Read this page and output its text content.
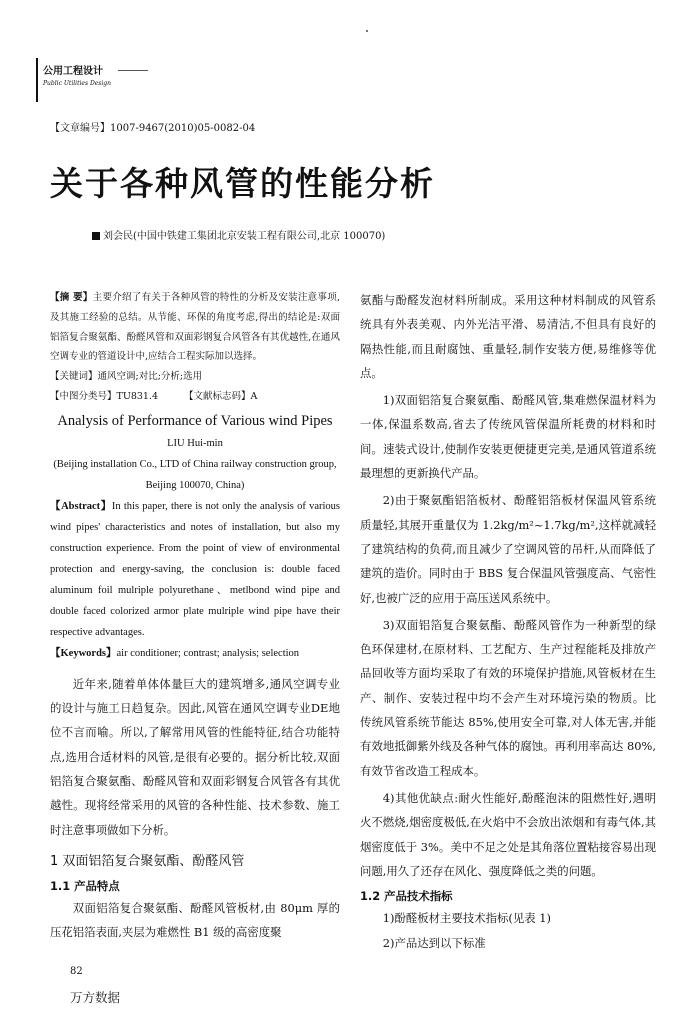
公用工程设计
Public Utilities Design
【文章编号】1007-9467(2010)05-0082-04
关于各种风管的性能分析
刘会民(中国中铁建工集团北京安装工程有限公司,北京 100070)

【摘 要】主要介绍了有关于各种风管的特性的分析及安装注意事项,及其施工经验的总结。从节能、环保的角度考虑,得出的结论是:双面铝箔复合聚氨酯、酚醛风管和双面彩钢复合风管各有其优越性,在通风空调专业的管道设计中,应结合工程实际加以选择。

【关键词】通风空调;对比;分析;选用

【中图分类号】TU831.4	【文献标志码】A

Analysis of Performance of Various wind Pipes

LIU Hui-min

(Beijing installation Co., LTD of China railway construction group,

Beijing 100070, China)

【Abstract】In this paper, there is not only the analysis of various wind pipes' characteristics and notes of installation, but also my construction experience. From the point of view of environmental protection and energy-saving, the conclusion is: double faced aluminum foil mulriple polyurethane、metlbond wind pipe and double faced colorized armor plate mulriple wind pipe have their respective advantages.

【Keywords】air conditioner; contrast; analysis; selection

近年来,随着单体体量巨大的建筑增多,通风空调专业的设计与施工日趋复杂。因此,风管在通风空调专业DE地位不言而喻。所以,了解常用风管的性能特征,结合功能特点,选用合适材料的风管,是很有必要的。据分析比较,双面铝箔复合聚氨酯、酚醛风管和双面彩钢复合风管各有其优越性。现将经常采用的风管的各种性能、技术参数、施工时注意事项做如下分析。

1 双面铝箔复合聚氨酯、酚醛风管

1.1 产品特点

双面铝箔复合聚氨酯、酚醛风管板材,由 80μm 厚的压花铝箔表面,夹层为难燃性 B1 级的高密度聚

氨酯与酚醛发泡材料所制成。采用这种材料制成的风管系统具有外表美观、内外光洁平滑、易清洁,不但具有良好的隔热性能,而且耐腐蚀、重量轻,制作安装方便,易维修等优点。

1)双面铝箔复合聚氨酯、酚醛风管,集难燃保温材料为一体,保温系数高,省去了传统风管保温所耗费的材料和时间。速装式设计,使制作安装更便捷更完美,是通风管道系统最理想的更新换代产品。

2)由于聚氨酯铝箔板材、酚醛铝箔板材保温风管系统质量轻,其展开重量仅为 1.2kg/m²~1.7kg/m²,这样就减轻了建筑结构的负荷,而且减少了空调风管的吊杆,从而降低了建筑的造价。同时由于 BBS 复合保温风管强度高、气密性好,也被广泛的应用于高压送风系统中。

3)双面铝箔复合聚氨酯、酚醛风管作为一种新型的绿色环保建材,在原材料、工艺配方、生产过程能耗及排放产品回收等方面均采取了有效的环境保护措施,风管板材在生产、制作、安装过程中均不会产生对环境污染的物质。比传统风管系统节能达 85%,使用安全可靠,对人体无害,并能有效地抵御紫外线及各种气体的腐蚀。再利用率高达 80%,有效节省改造工程成本。

4)其他优缺点:耐火性能好,酚醛泡沫的阻燃性好,遇明火不燃烧,烟密度极低,在火焰中不会放出浓烟和有毒气体,其烟密度低于 3%。美中不足之处是其角落位置粘接容易出现问题,用久了还存在风化、强度降低之类的问题。

1.2 产品技术指标

1)酚醛板材主要技术指标(见表 1)

2)产品达到以下标准

82
万方数据
